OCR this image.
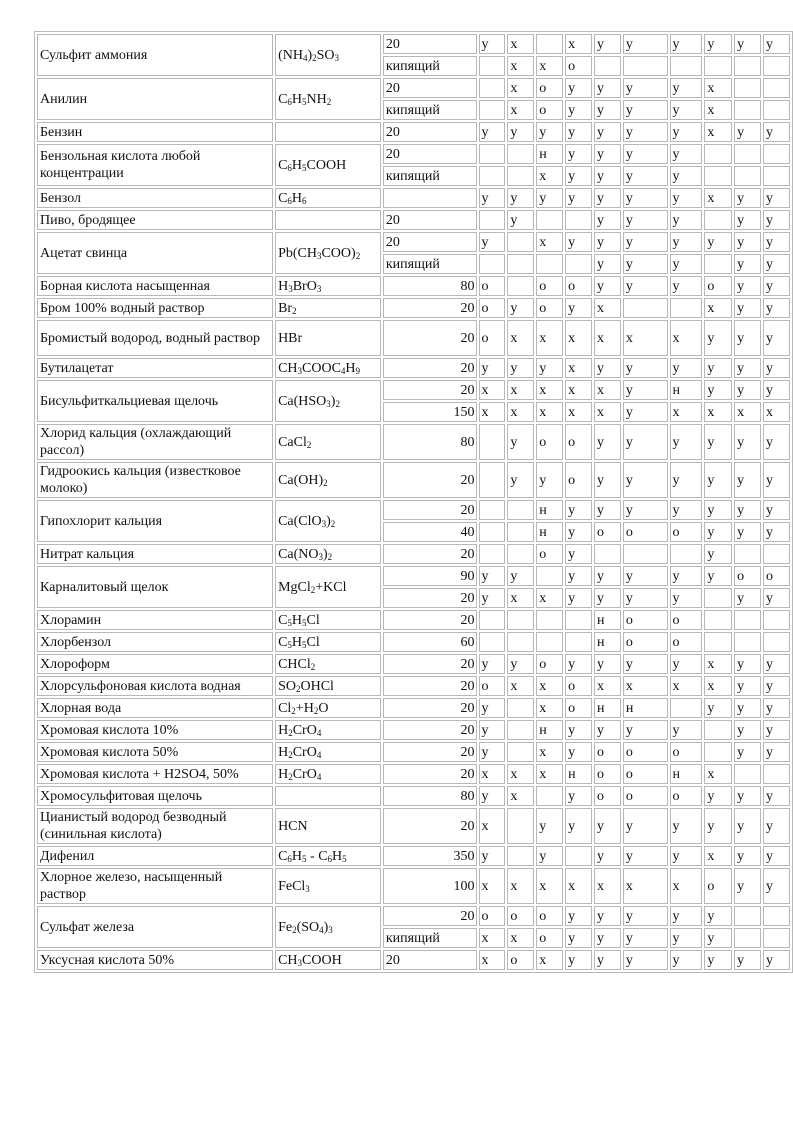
Сульфит аммония	$(NH_4)_2SO_3$	20	у	х		х	у	у	у	у	у	у
		кипящий		х	х	о						
Анилин	$C_6H_5NH_2$	20		х	о	у	у	у	у	х		
		кипящий		х	о	у	у	у	у	х		
Бензин		20	у	у	у	у	у	у	у	х	у	у
Бензольная кислота любой концентрации	$C_6H_5COOH$	20			н	у	у	у	у			
		кипящий			х	у	у	у	у			
Бензол	$C_6H_6$		у	у	у	у	у	у	у	х	у	у
Пиво, бродящее		20		у			у	у	у		у	у
Ацетат свинца	$Pb(CH_3COO)_2$	20	у		х	у	у	у	у	у	у	у
		кипящий					у	у	у		у	у
Борная кислота насыщенная	$H_3BrO_3$	80	о		о	о	у	у	у	о	у	у
Бром 100% водный раствор	$Br_2$	20	о	у	о	у	х			х	у	у
Бромистый водород, водный раствор	HBr	20	о	х	х	х	х	х	х	у	у	у
Бутилацетат	$CH_3COOC_4H_9$	20	у	у	у	х	у	у	у	у	у	у
Бисульфиткальциевая щелочь	$Ca(HSO_3)_2$	20	х	х	х	х	х	у	н	у	у	у
		150	х	х	х	х	х	у	х	х	х	х
Хлорид кальция (охлаждающий рассол)	CaCl$_2$	80		у	о	о	у	у	у	у	у	у
Гидроокись кальция (известковое молоко)	$Ca(OH)_2$	20		у	у	о	у	у	у	у	у	у
Гипохлорит кальция	$Ca(ClO_3)_2$	20			н	у	у	у	у	у	у	у
		40			н	у	о	о	о	у	у	у
Нитрат кальция	$Ca(NO_3)_2$	20			о	у				у		
Карналитовый щелок	MgCl$_2$+KCl	90	у	у		у	у	у	у	у	о	о
		20	у	х	х	у	у	у	у		у	у
Хлорамин	$C_5H_5Cl$	20					н	о	о			
Хлорбензол	$C_5H_5Cl$	60					н	о	о			
Хлороформ	CHCl$_2$	20	у	у	о	у	у	у	у	х	у	у
Хлорсульфоновая кислота водная	$SO_2OHCl$	20	о	х	х	о	х	х	х	х	у	у
Хлорная вода	$Cl_2+H_2O$	20	у		х	о	н	н		у	у	у
Хромовая кислота 10%	$H_2CrO_4$	20	у		н	у	у	у	у		у	у
Хромовая кислота 50%	$H_2CrO_4$	20	у		х	у	о	о	о		у	у
Хромовая кислота + H2SO4, 50%	$H_2CrO_4$	20	х	х	х	н	о	о	н	х		
Хромосульфитовая щелочь		80	у	х		у	о	о	о	у	у	у
Цианистый водород безводный (синильная кислота)	HCN	20	х		у	у	у	у	у	у	у	у
Дифенил	$C_6H_5 - C_6H_5$	350	у		у		у	у	у	х	у	у
Хлорное железо, насыщенный раствор	FeCl$_3$	100	х	х	х	х	х	х	х	о	у	у
Сульфат железа	$Fe_2(SO_4)_3$	20	о	о	о	у	у	у	у	у		
		кипящий	х	х	о	у	у	у	у	у		
Уксусная кислота 50%	$CH_3COOH$	20	х	о	х	у	у	у	у	у	у	у
